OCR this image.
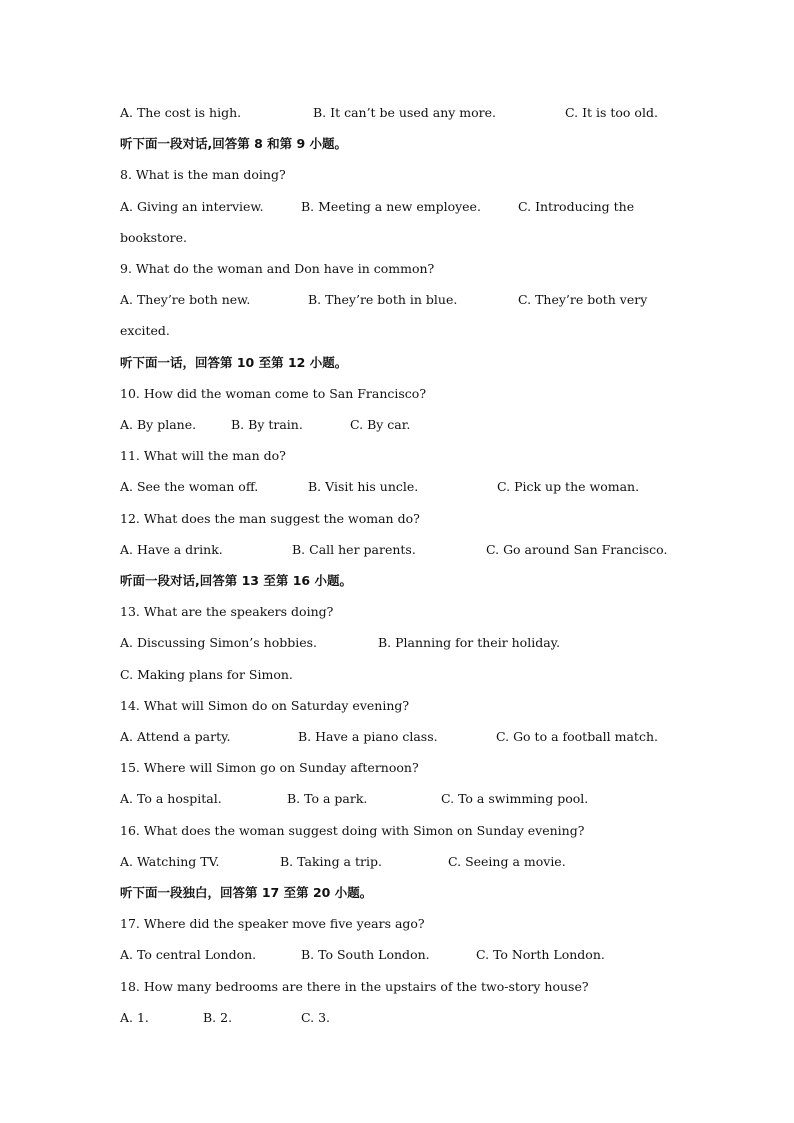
A. The cost is high.	B. It can’t be used any more.	C. It is too old.
听下面一段对话,回答第 8 和第 9 小题。
8. What is the man doing?
A. Giving an interview.	B. Meeting a new employee.	C. Introducing the
bookstore.
9. What do the woman and Don have in common?
A. They’re both new.	B. They’re both in blue.	C. They’re both very
excited.
听下面一话，回答第 10 至第 12 小题。
10. How did the woman come to San Francisco?
A. By plane.	B. By train.	C. By car.
11. What will the man do?
A. See the woman off.	B. Visit his uncle.	C. Pick up the woman.
12. What does the man suggest the woman do?
A. Have a drink.	B. Call her parents.	C. Go around San Francisco.
听面一段对话,回答第 13 至第 16 小题。
13. What are the speakers doing?
A. Discussing Simon’s hobbies.	B. Planning for their holiday.
C. Making plans for Simon.
14. What will Simon do on Saturday evening?
A. Attend a party.	B. Have a piano class.	C. Go to a football match.
15. Where will Simon go on Sunday afternoon?
A. To a hospital.	B. To a park.	C. To a swimming pool.
16. What does the woman suggest doing with Simon on Sunday evening?
A. Watching TV.	B. Taking a trip.	C. Seeing a movie.
听下面一段独白，回答第 17 至第 20 小题。
17. Where did the speaker move five years ago?
A. To central London.	B. To South London.	C. To North London.
18. How many bedrooms are there in the upstairs of the two-story house?
A. 1.	B. 2.	C. 3.
